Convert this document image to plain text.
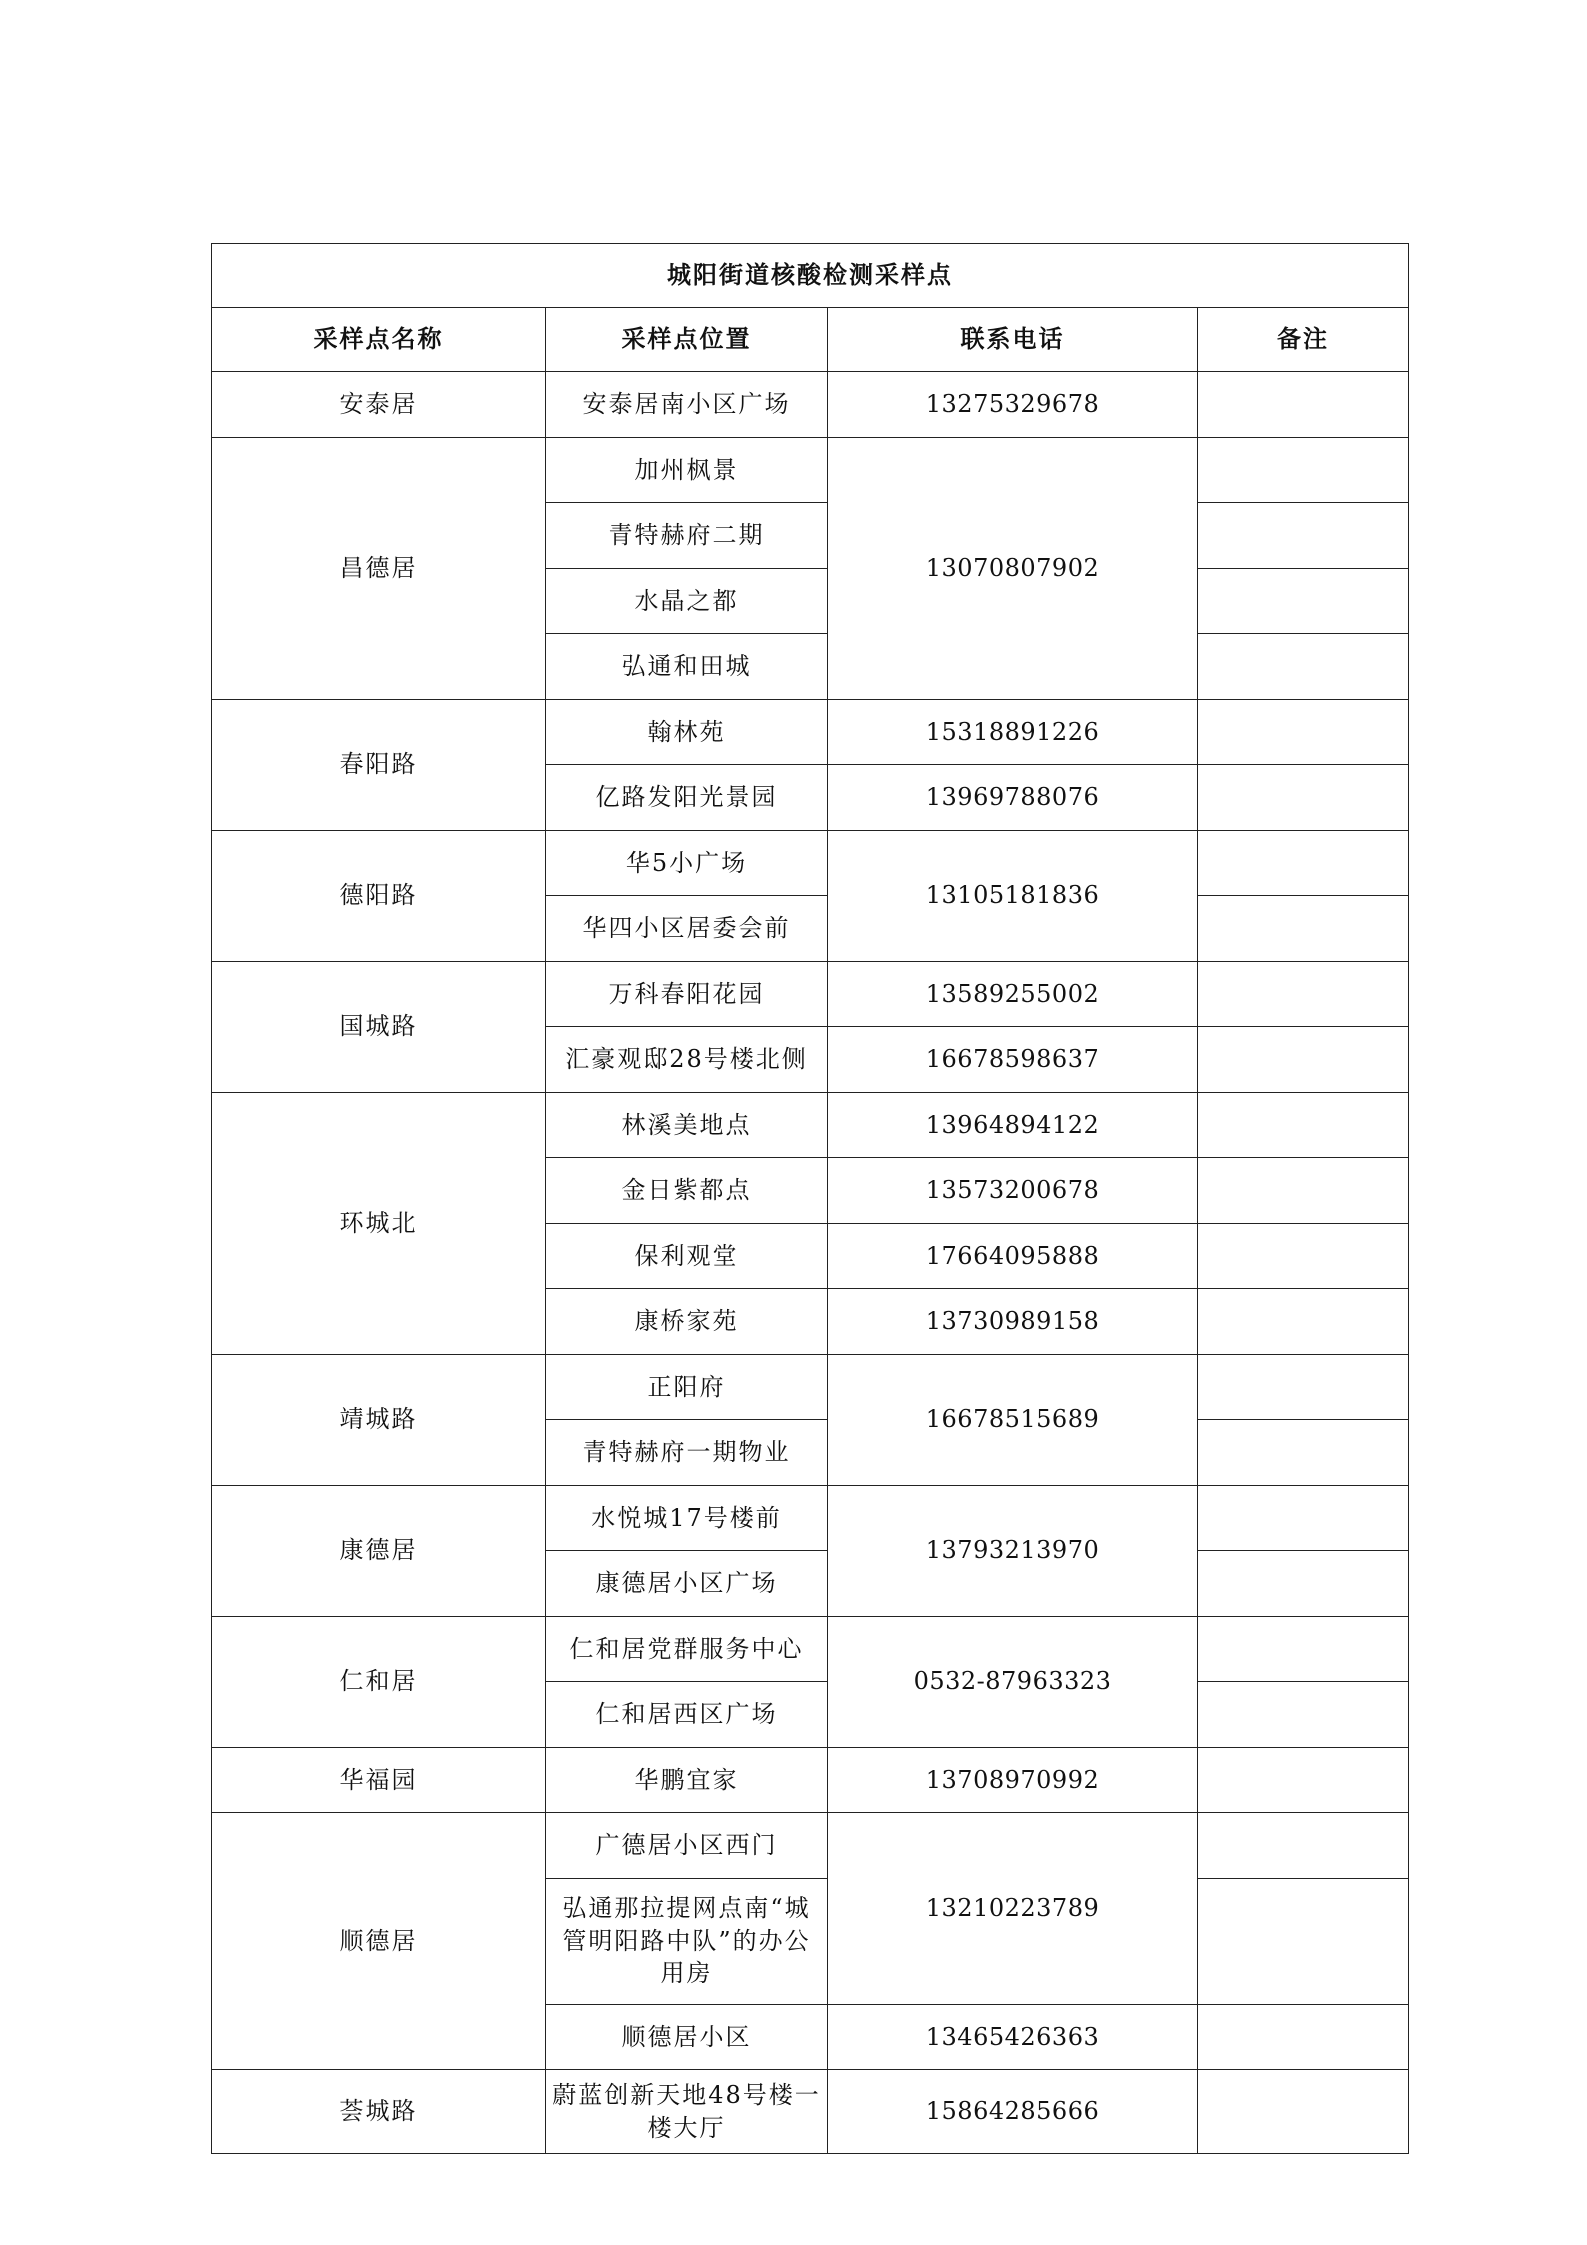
城阳街道核酸检测采样点			
采样点名称	采样点位置	联系电话	备注
安泰居	安泰居南小区广场	13275329678	
昌德居	加州枫景	13070807902	
	青特赫府二期		
	水晶之都		
	弘通和田城		
春阳路	翰林苑	15318891226	
	亿路发阳光景园	13969788076	
德阳路	华5小广场	13105181836	
	华四小区居委会前		
国城路	万科春阳花园	13589255002	
	汇豪观邸28号楼北侧	16678598637	
环城北	林溪美地点	13964894122	
	金日紫都点	13573200678	
	保利观堂	17664095888	
	康桥家苑	13730989158	
靖城路	正阳府	16678515689	
	青特赫府一期物业		
康德居	水悦城17号楼前	13793213970	
	康德居小区广场		
仁和居	仁和居党群服务中心	0532-87963323	
	仁和居西区广场		
华福园	华鹏宜家	13708970992	
顺德居	广德居小区西门	13210223789	
	弘通那拉提网点南“城管明阳路中队”的办公用房		
	顺德居小区	13465426363	
荟城路	蔚蓝创新天地48号楼一楼大厅	15864285666	
